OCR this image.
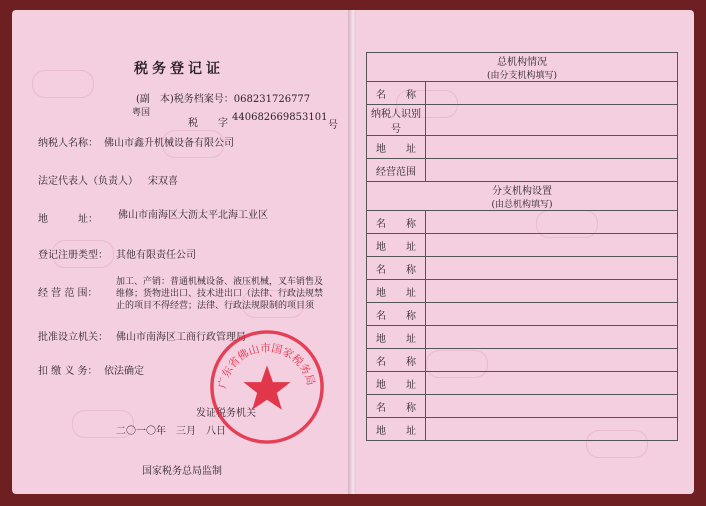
税务登记证
(副　本)税务档案号：068231726777
粤国
税　　字
440682669853101
号
纳税人名称： 佛山市鑫升机械设备有限公司
法定代表人（负责人） 宋双喜
地　　　址： 佛山市南海区大沥太平北海工业区
登记注册类型： 其他有限责任公司
经 营 范 围：
加工、产销：普通机械设备、液压机械，叉车销售及
维修；货物进出口、技术进出口（法律、行政法规禁
止的项目不得经营；法律、行政法规限制的项目须
批准设立机关： 佛山市南海区工商行政管理局
扣 缴 义 务： 依法确定
发证税务机关
二〇一〇年　三月　八日
国家税务总局监制
广东省佛山市国家税务局
总机构情况
(由分支机构填写)	

名　　称	
纳税人识别号	
地　　址	
经营范围	

分支机构设置
(由总机构填写)	

名　　称	
地　　址	
名　　称	
地　　址	
名　　称	
地　　址	
名　　称	
地　　址	
名　　称	
地　　址	
